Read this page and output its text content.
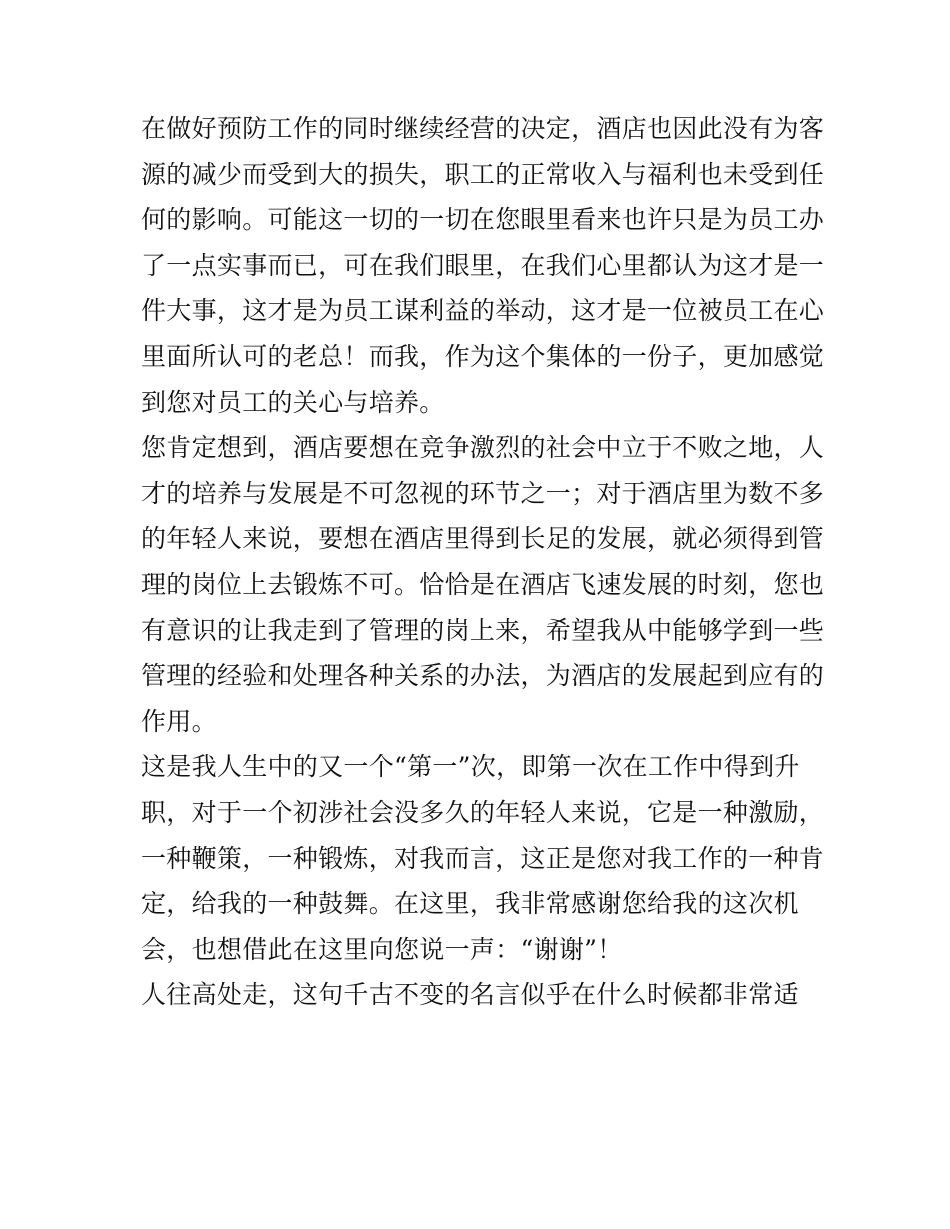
在做好预防工作的同时继续经营的决定，酒店也因此没有为客
源的减少而受到大的损失，职工的正常收入与福利也未受到任
何的影响。可能这一切的一切在您眼里看来也许只是为员工办
了一点实事而已，可在我们眼里，在我们心里都认为这才是一
件大事，这才是为员工谋利益的举动，这才是一位被员工在心
里面所认可的老总！而我，作为这个集体的一份子，更加感觉
到您对员工的关心与培养。
您肯定想到，酒店要想在竞争激烈的社会中立于不败之地，人
才的培养与发展是不可忽视的环节之一；对于酒店里为数不多
的年轻人来说，要想在酒店里得到长足的发展，就必须得到管
理的岗位上去锻炼不可。恰恰是在酒店飞速发展的时刻，您也
有意识的让我走到了管理的岗上来，希望我从中能够学到一些
管理的经验和处理各种关系的办法，为酒店的发展起到应有的
作用。
这是我人生中的又一个“第一”次，即第一次在工作中得到升
职，对于一个初涉社会没多久的年轻人来说，它是一种激励，
一种鞭策，一种锻炼，对我而言，这正是您对我工作的一种肯
定，给我的一种鼓舞。在这里，我非常感谢您给我的这次机
会，也想借此在这里向您说一声：“谢谢”！
人往高处走，这句千古不变的名言似乎在什么时候都非常适
